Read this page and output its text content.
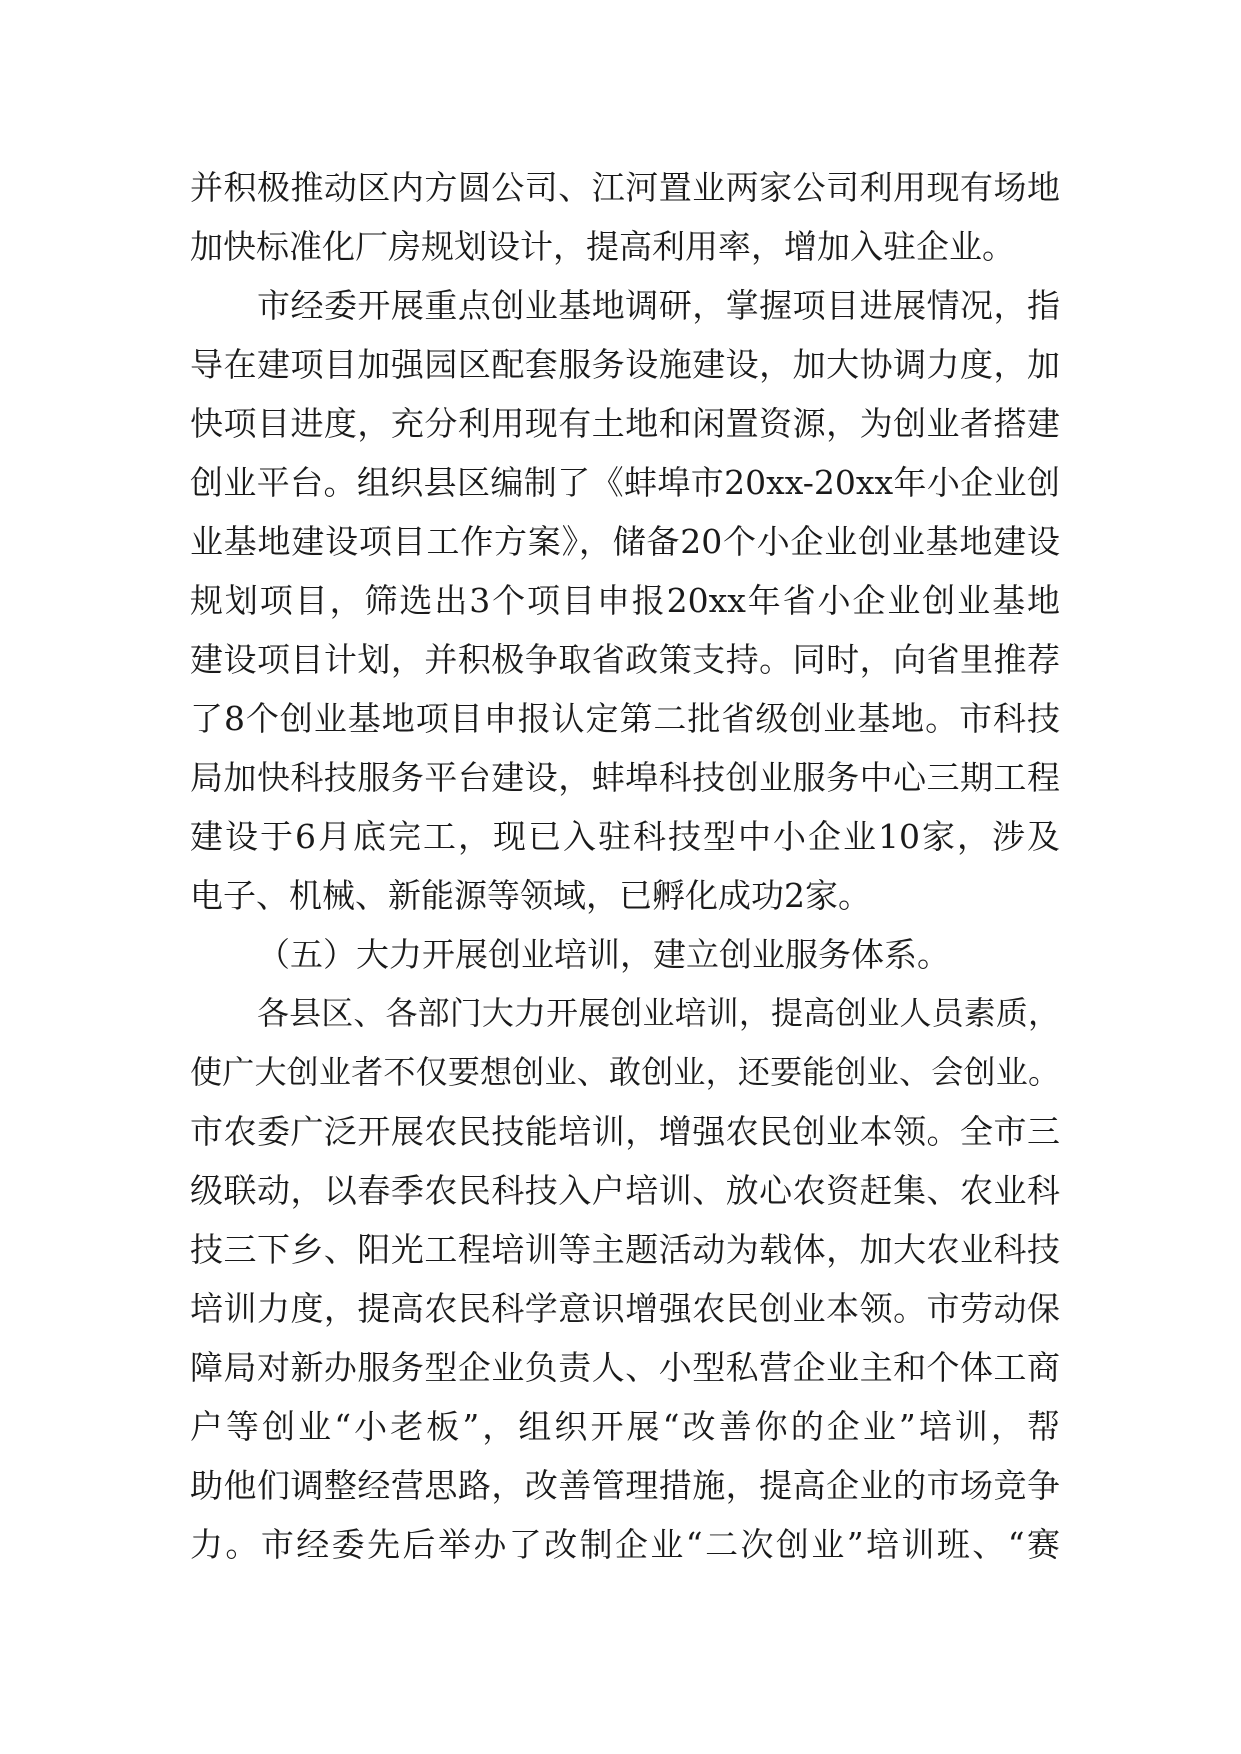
并积极推动区内方圆公司、江河置业两家公司利用现有场地
加快标准化厂房规划设计，提高利用率，增加入驻企业。
市经委开展重点创业基地调研，掌握项目进展情况，指
导在建项目加强园区配套服务设施建设，加大协调力度，加
快项目进度，充分利用现有土地和闲置资源，为创业者搭建
创业平台。组织县区编制了《蚌埠市20xx-20xx年小企业创
业基地建设项目工作方案》，储备20个小企业创业基地建设
规划项目，筛选出3个项目申报20xx年省小企业创业基地
建设项目计划，并积极争取省政策支持。同时，向省里推荐
了8个创业基地项目申报认定第二批省级创业基地。市科技
局加快科技服务平台建设，蚌埠科技创业服务中心三期工程
建设于6月底完工，现已入驻科技型中小企业10家，涉及
电子、机械、新能源等领域，已孵化成功2家。
（五）大力开展创业培训，建立创业服务体系。
各县区、各部门大力开展创业培训，提高创业人员素质，
使广大创业者不仅要想创业、敢创业，还要能创业、会创业。
市农委广泛开展农民技能培训，增强农民创业本领。全市三
级联动，以春季农民科技入户培训、放心农资赶集、农业科
技三下乡、阳光工程培训等主题活动为载体，加大农业科技
培训力度，提高农民科学意识增强农民创业本领。市劳动保
障局对新办服务型企业负责人、小型私营企业主和个体工商
户等创业“小老板”，组织开展“改善你的企业”培训，帮
助他们调整经营思路，改善管理措施，提高企业的市场竞争
力。市经委先后举办了改制企业“二次创业”培训班、“赛
